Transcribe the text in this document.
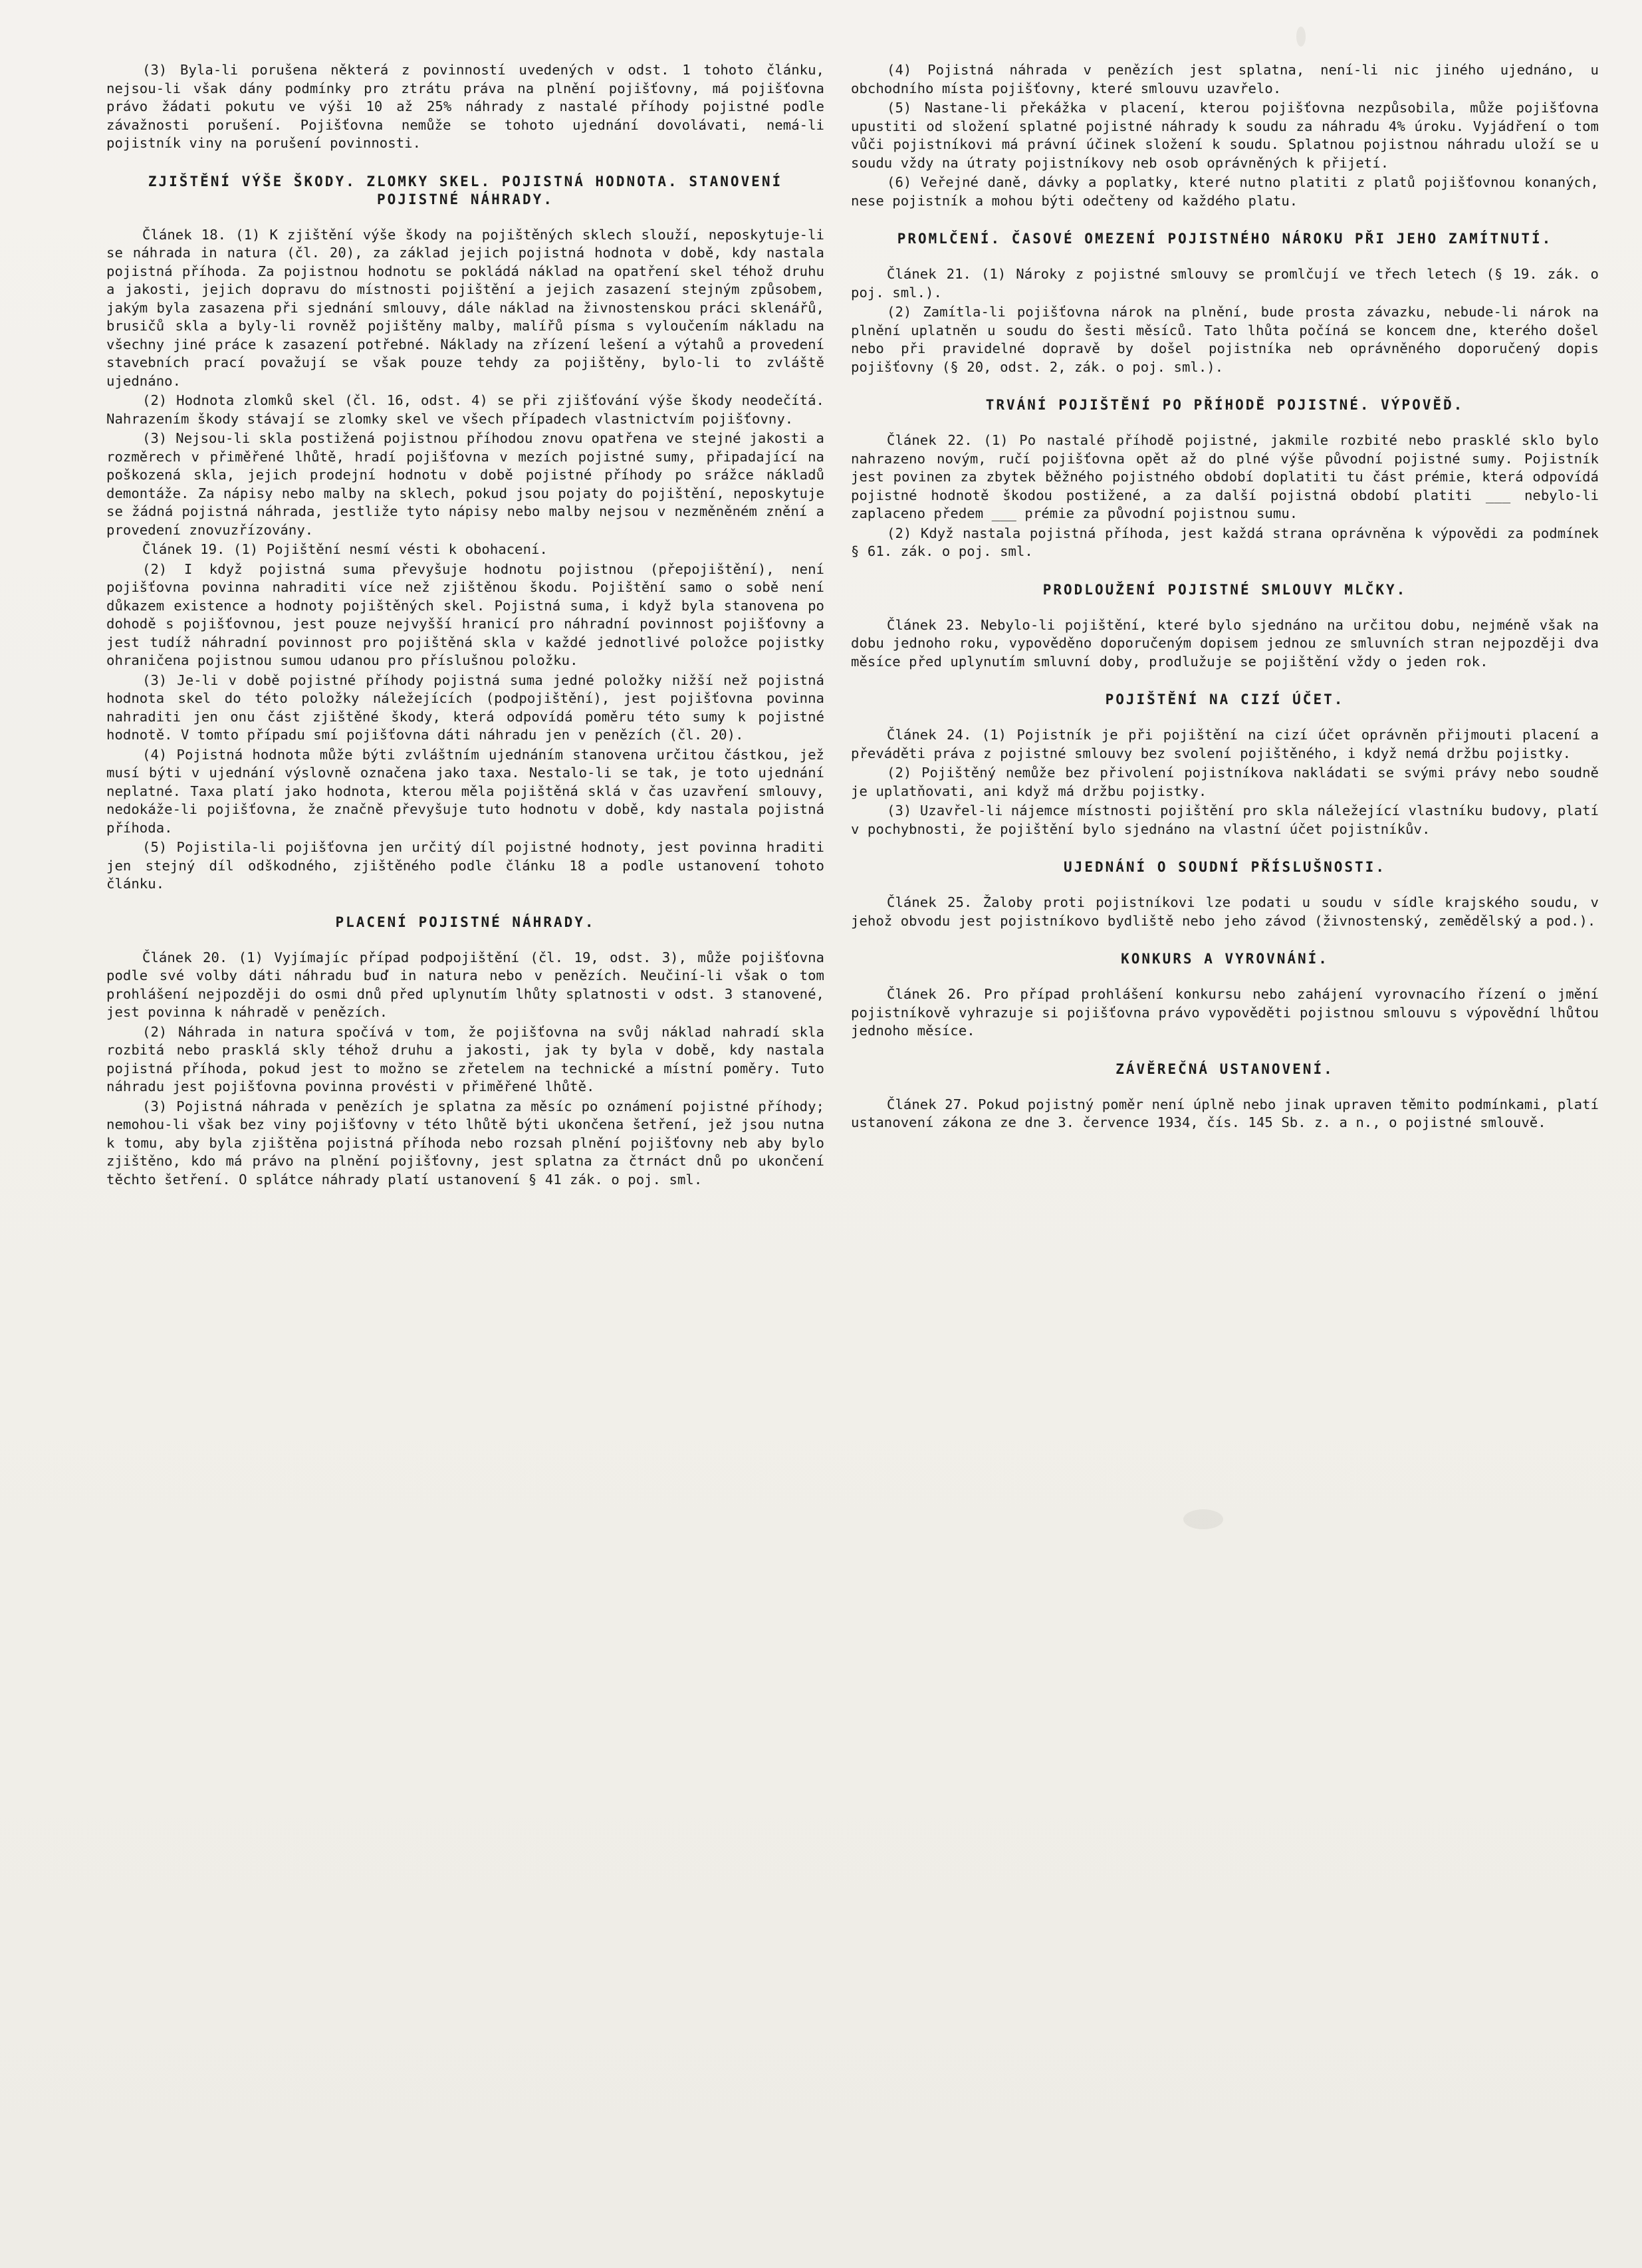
(3) Byla-li porušena některá z povinností uvedených v odst. 1 tohoto článku, nejsou-li však dány podmínky pro ztrátu práva na plnění pojišťovny, má pojišťovna právo žádati pokutu ve výši 10 až 25% náhrady z nastalé příhody pojistné podle závažnosti porušení. Pojišťovna nemůže se tohoto ujednání dovolávati, nemá-li pojistník viny na porušení povinnosti.

ZJIŠTĚNÍ VÝŠE ŠKODY. ZLOMKY SKEL. POJISTNÁ HODNOTA. STANOVENÍ POJISTNÉ NÁHRADY.

Článek 18. (1) K zjištění výše škody na pojištěných sklech slouží, neposkytuje-li se náhrada in natura (čl. 20), za základ jejich pojistná hodnota v době, kdy nastala pojistná příhoda. Za pojistnou hodnotu se pokládá náklad na opatření skel téhož druhu a jakosti, jejich dopravu do místnosti pojištění a jejich zasazení stejným způsobem, jakým byla zasazena při sjednání smlouvy, dále náklad na živnostenskou práci sklenářů, brusičů skla a byly-li rovněž pojištěny malby, malířů písma s vyloučením nákladu na všechny jiné práce k zasazení potřebné. Náklady na zřízení lešení a výtahů a provedení stavebních prací považují se však pouze tehdy za pojištěny, bylo-li to zvláště ujednáno.

(2) Hodnota zlomků skel (čl. 16, odst. 4) se při zjišťování výše škody neodečítá. Nahrazením škody stávají se zlomky skel ve všech případech vlastnictvím pojišťovny.

(3) Nejsou-li skla postižená pojistnou příhodou znovu opatřena ve stejné jakosti a rozměrech v přiměřené lhůtě, hradí pojišťovna v mezích pojistné sumy, připadající na poškozená skla, jejich prodejní hodnotu v době pojistné příhody po srážce nákladů demontáže. Za nápisy nebo malby na sklech, pokud jsou pojaty do pojištění, neposkytuje se žádná pojistná náhrada, jestliže tyto nápisy nebo malby nejsou v nezměněném znění a provedení znovuzřízovány.

Článek 19. (1) Pojištění nesmí vésti k obohacení.

(2) I když pojistná suma převyšuje hodnotu pojistnou (přepojištění), není pojišťovna povinna nahraditi více než zjištěnou škodu. Pojištění samo o sobě není důkazem existence a hodnoty pojištěných skel. Pojistná suma, i když byla stanovena po dohodě s pojišťovnou, jest pouze nejvyšší hranicí pro náhradní povinnost pojišťovny a jest tudíž náhradní povinnost pro pojištěná skla v každé jednotlivé položce pojistky ohraničena pojistnou sumou udanou pro příslušnou položku.

(3) Je-li v době pojistné příhody pojistná suma jedné položky nižší než pojistná hodnota skel do této položky náležejících (podpojištění), jest pojišťovna povinna nahraditi jen onu část zjištěné škody, která odpovídá poměru této sumy k pojistné hodnotě. V tomto případu smí pojišťovna dáti náhradu jen v penězích (čl. 20).

(4) Pojistná hodnota může býti zvláštním ujednáním stanovena určitou částkou, jež musí býti v ujednání výslovně označena jako taxa. Nestalo-li se tak, je toto ujednání neplatné. Taxa platí jako hodnota, kterou měla pojištěná sklá v čas uzavření smlouvy, nedokáže-li pojišťovna, že značně převyšuje tuto hodnotu v době, kdy nastala pojistná příhoda.

(5) Pojistila-li pojišťovna jen určitý díl pojistné hodnoty, jest povinna hraditi jen stejný díl odškodného, zjištěného podle článku 18 a podle ustanovení tohoto článku.

PLACENÍ POJISTNÉ NÁHRADY.

Článek 20. (1) Vyjímajíc případ podpojištění (čl. 19, odst. 3), může pojišťovna podle své volby dáti náhradu buď in natura nebo v penězích. Neučiní-li však o tom prohlášení nejpozději do osmi dnů před uplynutím lhůty splatnosti v odst. 3 stanovené, jest povinna k náhradě v penězích.

(2) Náhrada in natura spočívá v tom, že pojišťovna na svůj náklad nahradí skla rozbitá nebo prasklá skly téhož druhu a jakosti, jak ty byla v době, kdy nastala pojistná příhoda, pokud jest to možno se zřetelem na technické a místní poměry. Tuto náhradu jest pojišťovna povinna provésti v přiměřené lhůtě.

(3) Pojistná náhrada v penězích je splatna za měsíc po oznámení pojistné příhody; nemohou-li však bez viny pojišťovny v této lhůtě býti ukončena šetření, jež jsou nutna k tomu, aby byla zjištěna pojistná příhoda nebo rozsah plnění pojišťovny neb aby bylo zjištěno, kdo má právo na plnění pojišťovny, jest splatna za čtrnáct dnů po ukončení těchto šetření. O splátce náhrady platí ustanovení § 41 zák. o poj. sml.

(4) Pojistná náhrada v penězích jest splatna, není-li nic jiného ujednáno, u obchodního místa pojišťovny, které smlouvu uzavřelo.

(5) Nastane-li překážka v placení, kterou pojišťovna nezpůsobila, může pojišťovna upustiti od složení splatné pojistné náhrady k soudu za náhradu 4% úroku. Vyjádření o tom vůči pojistníkovi má právní účinek složení k soudu. Splatnou pojistnou náhradu uloží se u soudu vždy na útraty pojistníkovy neb osob oprávněných k přijetí.

(6) Veřejné daně, dávky a poplatky, které nutno platiti z platů pojišťovnou konaných, nese pojistník a mohou býti odečteny od každého platu.

PROMLČENÍ. ČASOVÉ OMEZENÍ POJISTNÉHO NÁROKU PŘI JEHO ZAMÍTNUTÍ.

Článek 21. (1) Nároky z pojistné smlouvy se promlčují ve třech letech (§ 19. zák. o poj. sml.).

(2) Zamítla-li pojišťovna nárok na plnění, bude prosta závazku, nebude-li nárok na plnění uplatněn u soudu do šesti měsíců. Tato lhůta počíná se koncem dne, kterého došel nebo při pravidelné dopravě by došel pojistníka neb oprávněného doporučený dopis pojišťovny (§ 20, odst. 2, zák. o poj. sml.).

TRVÁNÍ POJIŠTĚNÍ PO PŘÍHODĚ POJISTNÉ. VÝPOVĚĎ.

Článek 22. (1) Po nastalé příhodě pojistné, jakmile rozbité nebo prasklé sklo bylo nahrazeno novým, ručí pojišťovna opět až do plné výše původní pojistné sumy. Pojistník jest povinen za zbytek běžného pojistného období doplatiti tu část prémie, která odpovídá pojistné hodnotě škodou postižené, a za další pojistná období platiti ___ nebylo-li zaplaceno předem ___ prémie za původní pojistnou sumu.

(2) Když nastala pojistná příhoda, jest každá strana oprávněna k výpovědi za podmínek § 61. zák. o poj. sml.

PRODLOUŽENÍ POJISTNÉ SMLOUVY MLČKY.

Článek 23. Nebylo-li pojištění, které bylo sjednáno na určitou dobu, nejméně však na dobu jednoho roku, vypověděno doporučeným dopisem jednou ze smluvních stran nejpozději dva měsíce před uplynutím smluvní doby, prodlužuje se pojištění vždy o jeden rok.

POJIŠTĚNÍ NA CIZÍ ÚČET.

Článek 24. (1) Pojistník je při pojištění na cizí účet oprávněn přijmouti placení a převáděti práva z pojistné smlouvy bez svolení pojištěného, i když nemá držbu pojistky.

(2) Pojištěný nemůže bez přivolení pojistníkova nakládati se svými právy nebo soudně je uplatňovati, ani když má držbu pojistky.

(3) Uzavřel-li nájemce místnosti pojištění pro skla náležející vlastníku budovy, platí v pochybnosti, že pojištění bylo sjednáno na vlastní účet pojistníkův.

UJEDNÁNÍ O SOUDNÍ PŘÍSLUŠNOSTI.

Článek 25. Žaloby proti pojistníkovi lze podati u soudu v sídle krajského soudu, v jehož obvodu jest pojistníkovo bydliště nebo jeho závod (živnostenský, zemědělský a pod.).

KONKURS A VYROVNÁNÍ.

Článek 26. Pro případ prohlášení konkursu nebo zahájení vyrovnacího řízení o jmění pojistníkově vyhrazuje si pojišťovna právo vypověděti pojistnou smlouvu s výpovědní lhůtou jednoho měsíce.

ZÁVĚREČNÁ USTANOVENÍ.

Článek 27. Pokud pojistný poměr není úplně nebo jinak upraven těmito podmínkami, platí ustanovení zákona ze dne 3. července 1934, čís. 145 Sb. z. a n., o pojistné smlouvě.
